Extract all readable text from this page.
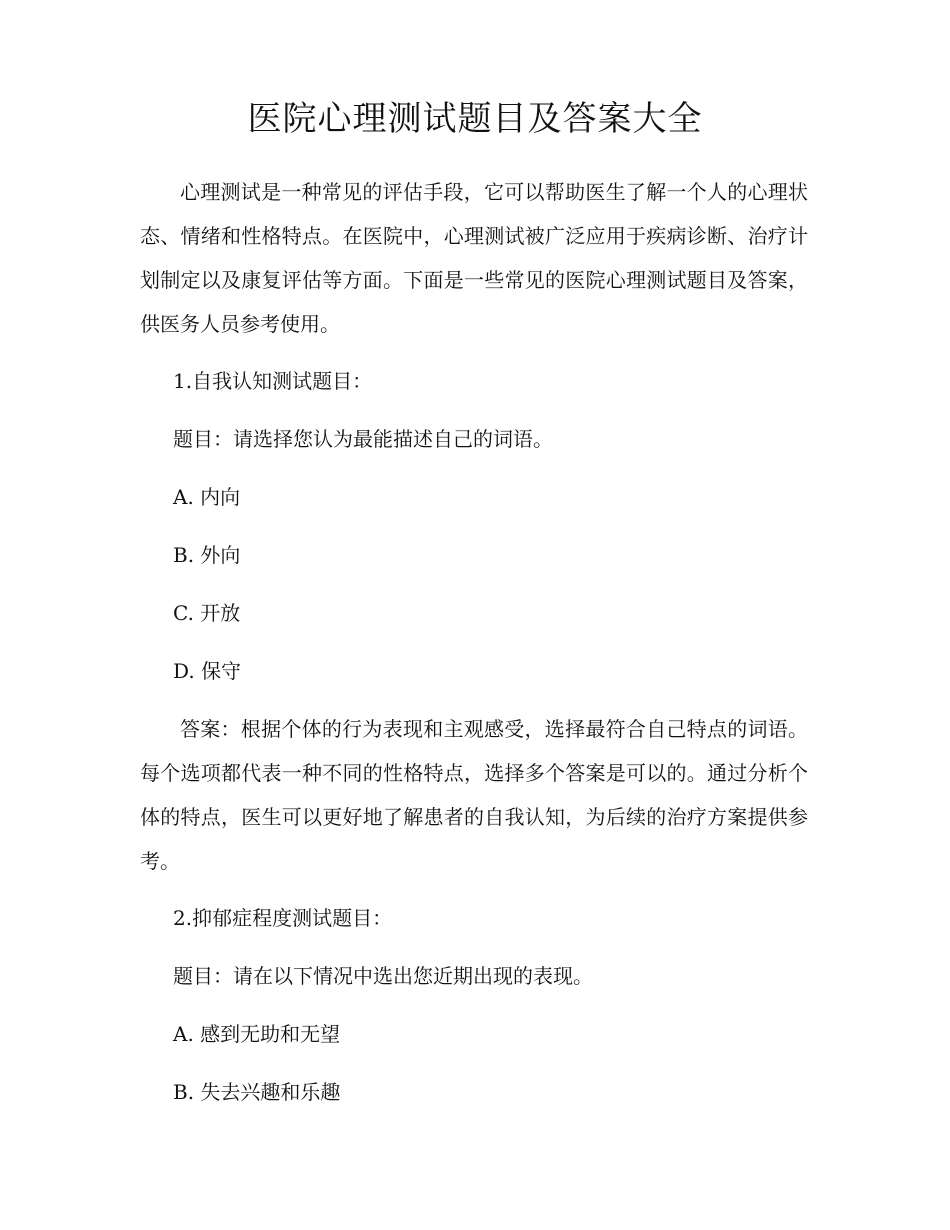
医院心理测试题目及答案大全

心理测试是一种常见的评估手段，它可以帮助医生了解一个人的心理状态、情绪和性格特点。在医院中，心理测试被广泛应用于疾病诊断、治疗计划制定以及康复评估等方面。下面是一些常见的医院心理测试题目及答案，供医务人员参考使用。

1.自我认知测试题目：

题目：请选择您认为最能描述自己的词语。

A. 内向

B. 外向

C. 开放

D. 保守

答案：根据个体的行为表现和主观感受，选择最符合自己特点的词语。每个选项都代表一种不同的性格特点，选择多个答案是可以的。通过分析个体的特点，医生可以更好地了解患者的自我认知，为后续的治疗方案提供参考。

2.抑郁症程度测试题目：

题目：请在以下情况中选出您近期出现的表现。

A. 感到无助和无望

B. 失去兴趣和乐趣
